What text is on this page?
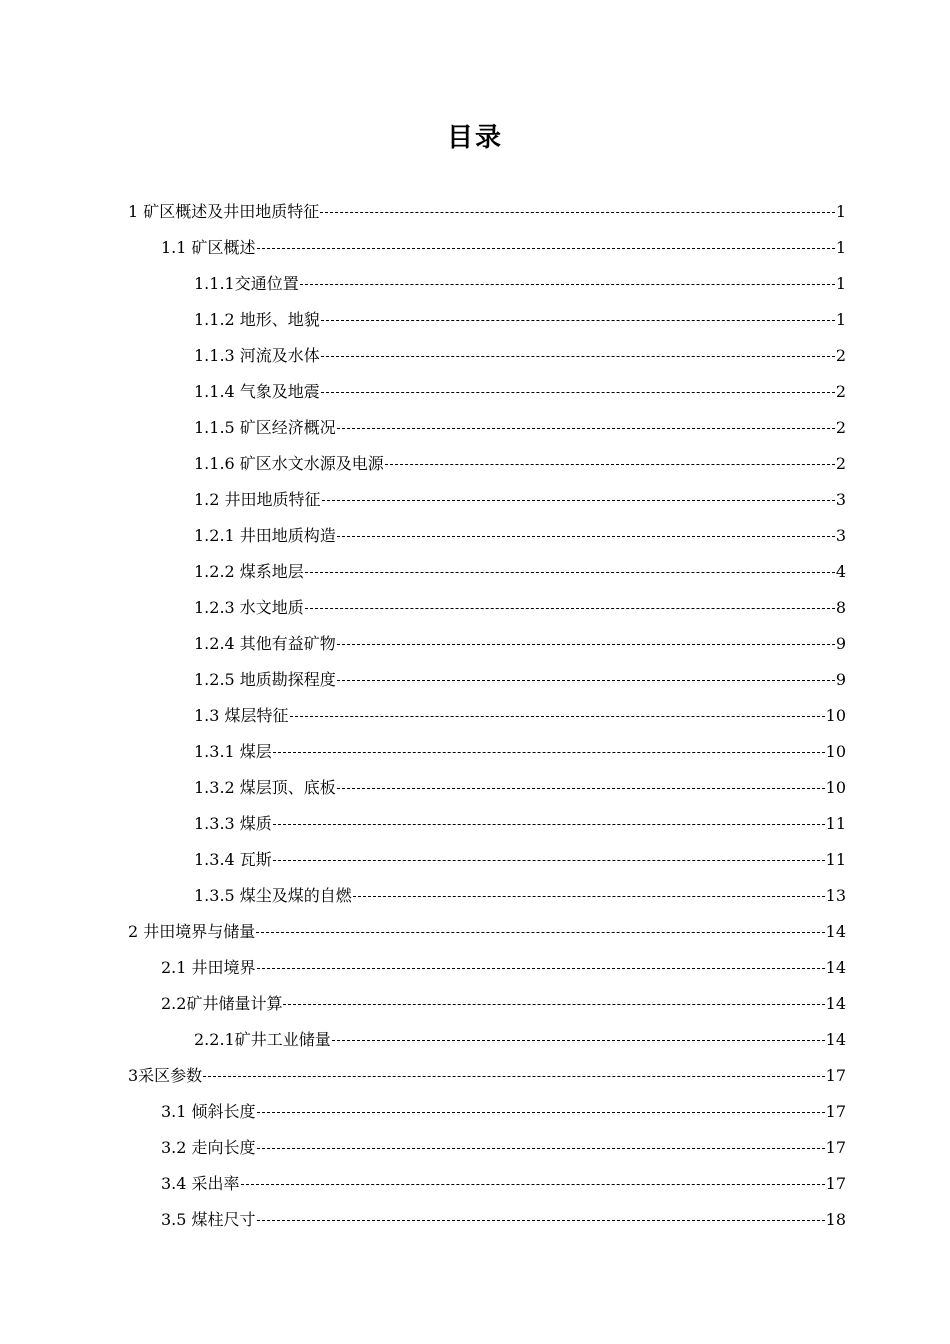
目录
1 矿区概述及井田地质特征	1
1.1 矿区概述	1
1.1.1交通位置	1
1.1.2 地形、地貌	1
1.1.3 河流及水体	2
1.1.4 气象及地震	2
1.1.5 矿区经济概况	2
1.1.6 矿区水文水源及电源	2
1.2 井田地质特征	3
1.2.1 井田地质构造	3
1.2.2 煤系地层	4
1.2.3 水文地质	8
1.2.4 其他有益矿物	9
1.2.5 地质勘探程度	9
1.3 煤层特征	10
1.3.1 煤层	10
1.3.2 煤层顶、底板	10
1.3.3 煤质	11
1.3.4 瓦斯	11
1.3.5 煤尘及煤的自燃	13
2 井田境界与储量	14
2.1 井田境界	14
2.2矿井储量计算	14
2.2.1矿井工业储量	14
3采区参数	17
3.1 倾斜长度	17
3.2 走向长度	17
3.4 采出率	17
3.5 煤柱尺寸	18
